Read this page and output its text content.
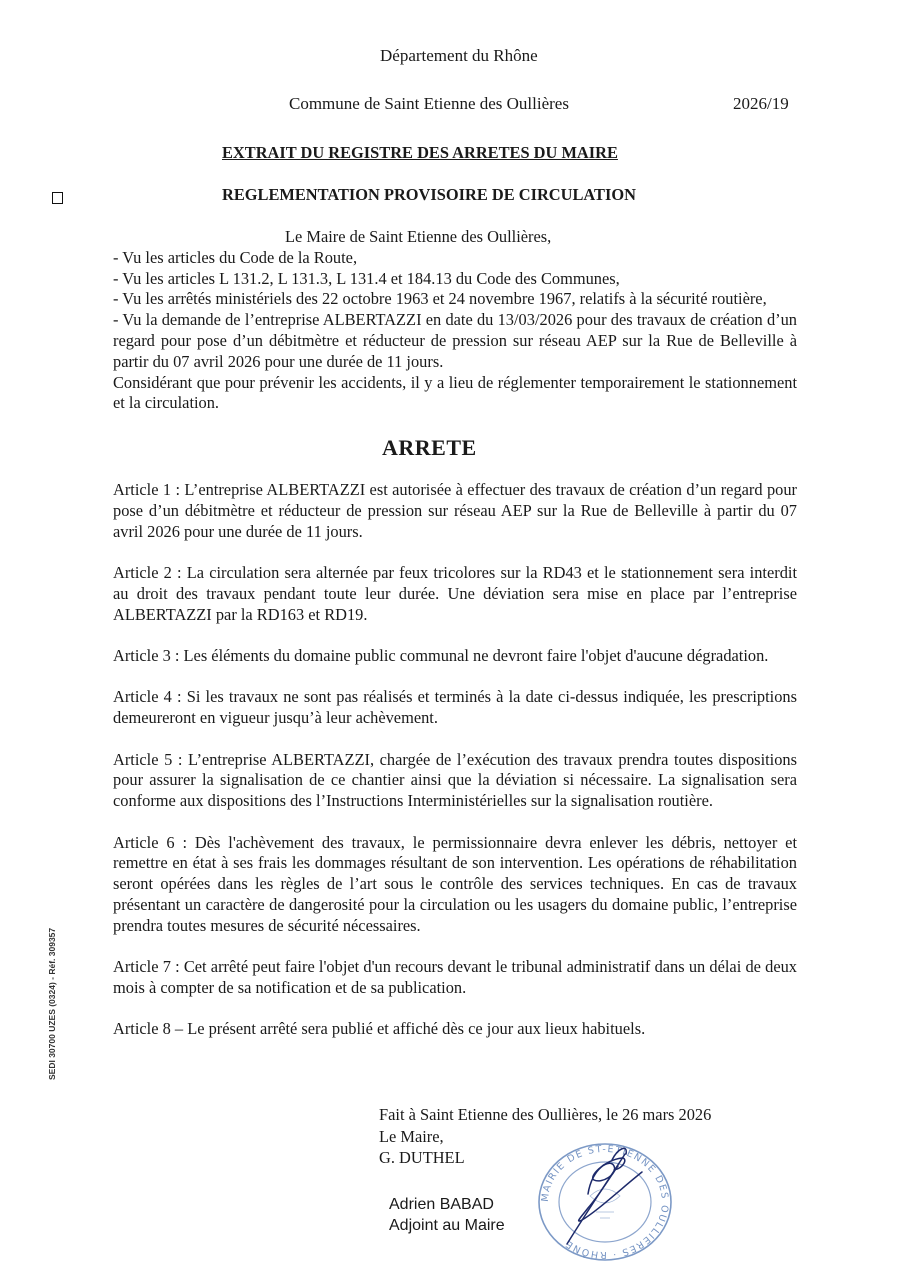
Département du Rhône
Commune de Saint Etienne des Oullières	2026/19
EXTRAIT DU REGISTRE DES ARRETES DU MAIRE
REGLEMENTATION PROVISOIRE DE CIRCULATION

Le Maire de Saint Etienne des Oullières,

- Vu les articles du Code de la Route,

- Vu les articles L 131.2, L 131.3, L 131.4 et 184.13 du Code des Communes,

- Vu les arrêtés ministériels des 22 octobre 1963 et 24 novembre 1967, relatifs à la sécurité routière,

- Vu la demande de l’entreprise ALBERTAZZI en date du 13/03/2026 pour des travaux de création d’un regard pour pose d’un débitmètre et réducteur de pression sur réseau AEP sur la Rue de Belleville à partir du 07 avril 2026 pour une durée de 11 jours.

Considérant que pour prévenir les accidents, il y a lieu de réglementer temporairement le stationnement et la circulation.

ARRETE

Article 1 : L’entreprise ALBERTAZZI est autorisée à effectuer des travaux de création d’un regard pour pose d’un débitmètre et réducteur de pression sur réseau AEP sur la Rue de Belleville à partir du 07 avril 2026 pour une durée de 11 jours.

Article 2 : La circulation sera alternée par feux tricolores sur la RD43 et le stationnement sera interdit au droit des travaux pendant toute leur durée. Une déviation sera mise en place par l’entreprise ALBERTAZZI par la RD163 et RD19.

Article 3 : Les éléments du domaine public communal ne devront faire l'objet d'aucune dégradation.

Article 4 : Si les travaux ne sont pas réalisés et terminés à la date ci-dessus indiquée, les prescriptions demeureront en vigueur jusqu’à leur achèvement.

Article 5 : L’entreprise ALBERTAZZI, chargée de l’exécution des travaux prendra toutes dispositions pour assurer la signalisation de ce chantier ainsi que la déviation si nécessaire. La signalisation sera conforme aux dispositions des l’Instructions Interministérielles sur la signalisation routière.

Article 6 : Dès l'achèvement des travaux, le permissionnaire devra enlever les débris, nettoyer et remettre en état à ses frais les dommages résultant de son intervention. Les opérations de réhabilitation seront opérées dans les règles de l’art sous le contrôle des services techniques. En cas de travaux présentant un caractère de dangerosité pour la circulation ou les usagers du domaine public, l’entreprise prendra toutes mesures de sécurité nécessaires.

Article 7 : Cet arrêté peut faire l'objet d'un recours devant le tribunal administratif dans un délai de deux mois à compter de sa notification et de sa publication.

Article 8 – Le présent arrêté sera publié et affiché dès ce jour aux lieux habituels.

Fait à Saint Etienne des Oullières, le 26 mars 2026
Le Maire,
G. DUTHEL
Adrien BABAD
Adjoint au Maire
MAIRIE DE ST-ETIENNE DES OULLIERES · RHÔNE
SEDI 30700 UZES (0324) - Réf. 309357
